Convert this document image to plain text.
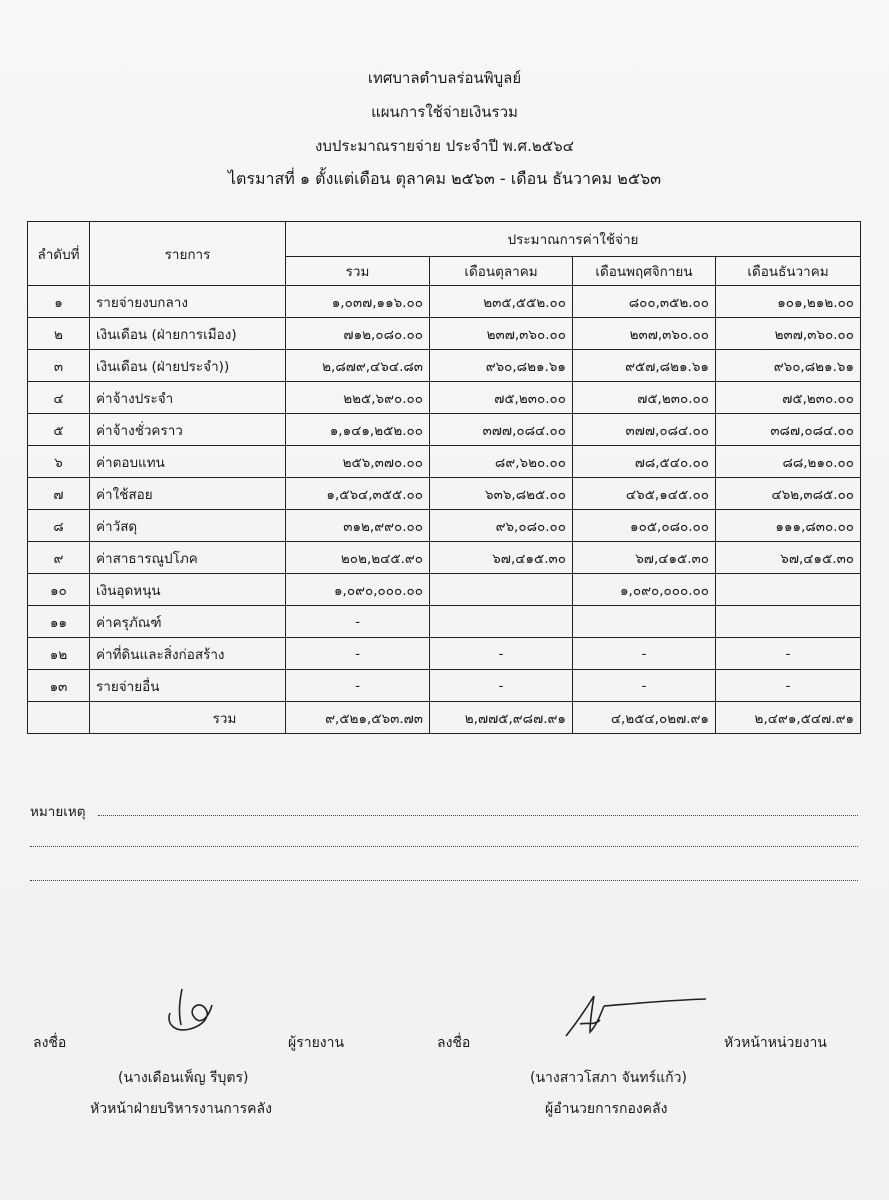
เทศบาลตำบลร่อนพิบูลย์
แผนการใช้จ่ายเงินรวม
งบประมาณรายจ่าย ประจำปี พ.ศ.๒๕๖๔
ไตรมาสที่ ๑ ตั้งแต่เดือน ตุลาคม ๒๕๖๓ - เดือน ธันวาคม ๒๕๖๓
ลำดับที่	รายการ	ประมาณการค่าใช้จ่าย			
		รวม	เดือนตุลาคม	เดือนพฤศจิกายน	เดือนธันวาคม
๑	รายจ่ายงบกลาง	๑,๐๓๗,๑๑๖.๐๐	๒๓๕,๕๕๒.๐๐	๘๐๐,๓๕๒.๐๐	๑๐๑,๒๑๒.๐๐
๒	เงินเดือน (ฝ่ายการเมือง)	๗๑๒,๐๘๐.๐๐	๒๓๗,๓๖๐.๐๐	๒๓๗,๓๖๐.๐๐	๒๓๗,๓๖๐.๐๐
๓	เงินเดือน (ฝ่ายประจำ))	๒,๘๗๙,๔๖๔.๘๓	๙๖๐,๘๒๑.๖๑	๙๕๗,๘๒๑.๖๑	๙๖๐,๘๒๑.๖๑
๔	ค่าจ้างประจำ	๒๒๕,๖๙๐.๐๐	๗๕,๒๓๐.๐๐	๗๕,๒๓๐.๐๐	๗๕,๒๓๐.๐๐
๕	ค่าจ้างชั่วคราว	๑,๑๔๑,๒๕๒.๐๐	๓๗๗,๐๘๔.๐๐	๓๗๗,๐๘๔.๐๐	๓๘๗,๐๘๔.๐๐
๖	ค่าตอบแทน	๒๕๖,๓๗๐.๐๐	๘๙,๖๒๐.๐๐	๗๘,๕๔๐.๐๐	๘๘,๒๑๐.๐๐
๗	ค่าใช้สอย	๑,๕๖๔,๓๕๕.๐๐	๖๓๖,๘๒๕.๐๐	๔๖๕,๑๔๕.๐๐	๔๖๒,๓๘๕.๐๐
๘	ค่าวัสดุ	๓๑๒,๙๙๐.๐๐	๙๖,๐๘๐.๐๐	๑๐๕,๐๘๐.๐๐	๑๑๑,๘๓๐.๐๐
๙	ค่าสาธารณูปโภค	๒๐๒,๒๔๕.๙๐	๖๗,๔๑๕.๓๐	๖๗,๔๑๕.๓๐	๖๗,๔๑๕.๓๐
๑๐	เงินอุดหนุน	๑,๐๙๐,๐๐๐.๐๐		๑,๐๙๐,๐๐๐.๐๐	
๑๑	ค่าครุภัณฑ์	-			
๑๒	ค่าที่ดินและสิ่งก่อสร้าง	-	-	-	-
๑๓	รายจ่ายอื่น	-	-	-	-
	รวม	๙,๕๒๑,๕๖๓.๗๓	๒,๗๗๕,๙๘๗.๙๑	๔,๒๕๔,๐๒๗.๙๑	๒,๔๙๑,๕๔๗.๙๑
หมายเหตุ
ลงชื่อ	ผู้รายงาน
(นางเดือนเพ็ญ รีบุตร)
หัวหน้าฝ่ายบริหารงานการคลัง
ลงชื่อ	หัวหน้าหน่วยงาน
(นางสาวโสภา จันทร์แก้ว)
ผู้อำนวยการกองคลัง
